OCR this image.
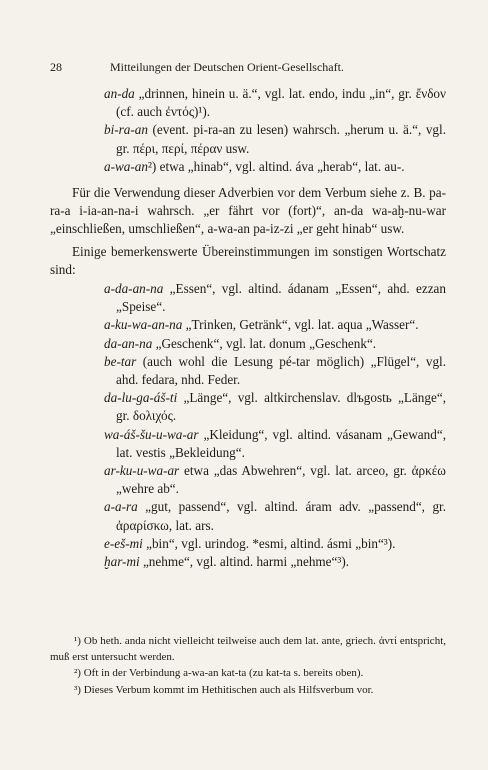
28	Mitteilungen der Deutschen Orient-Gesellschaft.
an-da „drinnen, hinein u. ä.“, vgl. lat. endo, indu „in“, gr. ἔνδον (cf. auch ἐντός)¹).
bi-ra-an (event. pi-ra-an zu lesen) wahrsch. „herum u. ä.“, vgl. gr. πέρι, περί, πέραν usw.
a-wa-an²) etwa „hinab“, vgl. altind. áva „herab“, lat. au-.

Für die Verwendung dieser Adverbien vor dem Verbum siehe z. B. pa-ra-a i-ia-an-na-i wahrsch. „er fährt vor (fort)“, an-da wa-aḫ-nu-war „einschließen, umschließen“, a-wa-an pa-iz-zi „er geht hinab“ usw.

Einige bemerkenswerte Übereinstimmungen im sonstigen Wortschatz sind:

a-da-an-na „Essen“, vgl. altind. ádanam „Essen“, ahd. ezzan „Speise“.
a-ku-wa-an-na „Trinken, Getränk“, vgl. lat. aqua „Wasser“.
da-an-na „Geschenk“, vgl. lat. donum „Geschenk“.
be-tar (auch wohl die Lesung pé-tar möglich) „Flügel“, vgl. ahd. fedara, nhd. Feder.
da-lu-ga-áš-ti „Länge“, vgl. altkirchenslav. dlъgostь „Länge“, gr. δολιχός.
wa-áš-šu-u-wa-ar „Kleidung“, vgl. altind. vásanam „Gewand“, lat. vestis „Bekleidung“.
ar-ku-u-wa-ar etwa „das Abwehren“, vgl. lat. arceo, gr. ἀρκέω „wehre ab“.
a-a-ra „gut, passend“, vgl. altind. áram adv. „passend“, gr. ἀραρίσκω, lat. ars.
e-eš-mi „bin“, vgl. urindog. *esmi, altind. ásmi „bin“³).
ḫar-mi „nehme“, vgl. altind. harmi „nehme“³).

¹) Ob heth. anda nicht vielleicht teilweise auch dem lat. ante, griech. ἀντί entspricht, muß erst untersucht werden.

²) Oft in der Verbindung a-wa-an kat-ta (zu kat-ta s. bereits oben).

³) Dieses Verbum kommt im Hethitischen auch als Hilfsverbum vor.
